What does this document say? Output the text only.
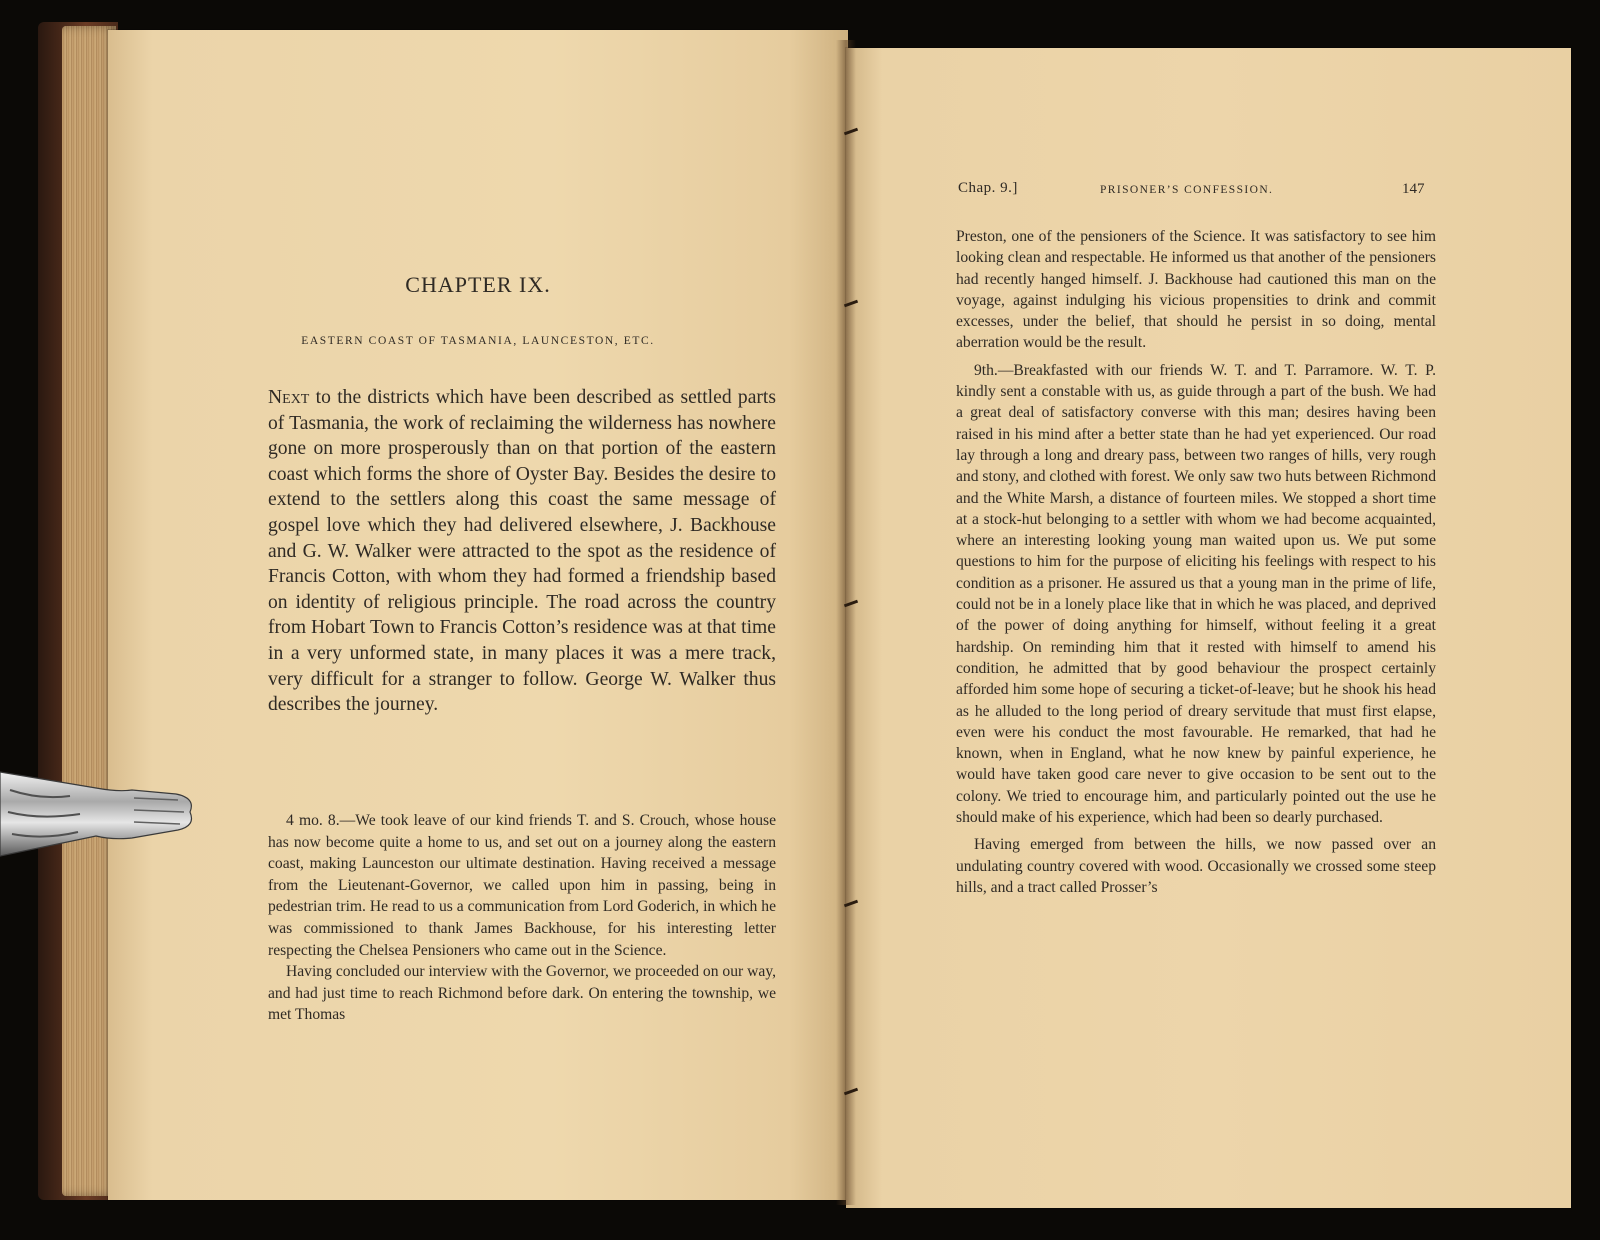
CHAPTER IX.
EASTERN COAST OF TASMANIA, LAUNCESTON, ETC.

Next to the districts which have been described as settled parts of Tasmania, the work of reclaiming the wilderness has nowhere gone on more prosperously than on that portion of the eastern coast which forms the shore of Oyster Bay. Besides the desire to extend to the settlers along this coast the same message of gospel love which they had delivered elsewhere, J. Backhouse and G. W. Walker were attracted to the spot as the residence of Francis Cotton, with whom they had formed a friendship based on identity of religious principle. The road across the country from Hobart Town to Francis Cotton’s residence was at that time in a very unformed state, in many places it was a mere track, very difficult for a stranger to follow. George W. Walker thus describes the journey.

4 mo. 8.—We took leave of our kind friends T. and S. Crouch, whose house has now become quite a home to us, and set out on a journey along the eastern coast, making Launceston our ultimate destination. Having received a message from the Lieutenant-Governor, we called upon him in passing, being in pedestrian trim. He read to us a communication from Lord Goderich, in which he was commissioned to thank James Backhouse, for his interesting letter respecting the Chelsea Pensioners who came out in the Science.

Having concluded our interview with the Governor, we proceeded on our way, and had just time to reach Richmond before dark. On entering the township, we met Thomas

Chap. 9.]	PRISONER’S CONFESSION.	147

Preston, one of the pensioners of the Science. It was satisfactory to see him looking clean and respectable. He informed us that another of the pensioners had recently hanged himself. J. Backhouse had cautioned this man on the voyage, against indulging his vicious propensities to drink and commit excesses, under the belief, that should he persist in so doing, mental aberration would be the result.

9th.—Breakfasted with our friends W. T. and T. Parramore. W. T. P. kindly sent a constable with us, as guide through a part of the bush. We had a great deal of satisfactory converse with this man; desires having been raised in his mind after a better state than he had yet experienced. Our road lay through a long and dreary pass, between two ranges of hills, very rough and stony, and clothed with forest. We only saw two huts between Richmond and the White Marsh, a distance of fourteen miles. We stopped a short time at a stock-hut belonging to a settler with whom we had become acquainted, where an interesting looking young man waited upon us. We put some questions to him for the purpose of eliciting his feelings with respect to his condition as a prisoner. He assured us that a young man in the prime of life, could not be in a lonely place like that in which he was placed, and deprived of the power of doing anything for himself, without feeling it a great hardship. On reminding him that it rested with himself to amend his condition, he admitted that by good behaviour the prospect certainly afforded him some hope of securing a ticket-of-leave; but he shook his head as he alluded to the long period of dreary servitude that must first elapse, even were his conduct the most favourable. He remarked, that had he known, when in England, what he now knew by painful experience, he would have taken good care never to give occasion to be sent out to the colony. We tried to encourage him, and particularly pointed out the use he should make of his experience, which had been so dearly purchased.

Having emerged from between the hills, we now passed over an undulating country covered with wood. Occasionally we crossed some steep hills, and a tract called Prosser’s
